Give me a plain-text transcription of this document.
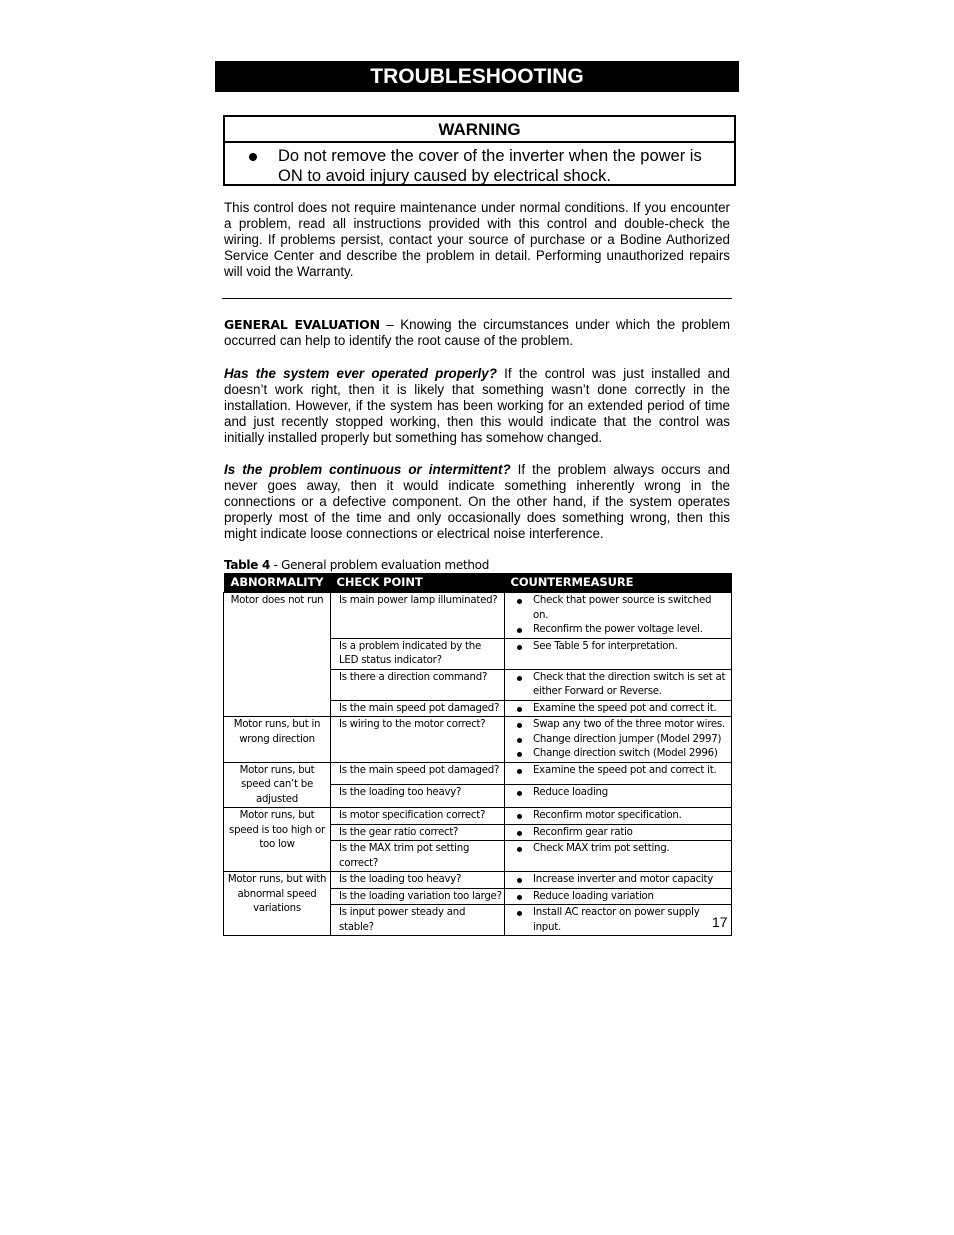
TROUBLESHOOTING
WARNING
Do not remove the cover of the inverter when the power is ON to avoid injury caused by electrical shock.

This control does not require maintenance under normal conditions. If you encounter a problem, read all instructions provided with this control and double-check the wiring. If problems persist, contact your source of purchase or a Bodine Authorized Service Center and describe the problem in detail. Performing unauthorized repairs will void the Warranty.

GENERAL EVALUATION – Knowing the circumstances under which the problem occurred can help to identify the root cause of the problem.

Has the system ever operated properly? If the control was just installed and doesn’t work right, then it is likely that something wasn’t done correctly in the installation. However, if the system has been working for an extended period of time and just recently stopped working, then this would indicate that the control was initially installed properly but something has somehow changed.

Is the problem continuous or intermittent? If the problem always occurs and never goes away, then it would indicate something inherently wrong in the connections or a defective component. On the other hand, if the system operates properly most of the time and only occasionally does something wrong, then this might indicate loose connections or electrical noise interference.

Table 4 - General problem evaluation method
ABNORMALITY	CHECK POINT	COUNTERMEASURE
Motor does not run	Is main power lamp illuminated?	Check that power source is switched on.
Reconfirm the power voltage level.

	Is a problem indicated by the LED status indicator?	See Table 5 for interpretation.

	Is there a direction command?	Check that the direction switch is set at either Forward or Reverse.

	Is the main speed pot damaged?	Examine the speed pot and correct it.

Motor runs, but in wrong direction	Is wiring to the motor correct?	Swap any two of the three motor wires.
Change direction jumper (Model 2997)
Change direction switch (Model 2996)

Motor runs, but speed can’t be adjusted	Is the main speed pot damaged?	Examine the speed pot and correct it.

	Is the loading too heavy?	Reduce loading

Motor runs, but speed is too high or too low	Is motor specification correct?	Reconfirm motor specification.

	Is the gear ratio correct?	Reconfirm gear ratio

	Is the MAX trim pot setting correct?	Check MAX trim pot setting.

Motor runs, but with abnormal speed variations	Is the loading too heavy?	Increase inverter and motor capacity

	Is the loading variation too large?	Reduce loading variation

	Is input power steady and stable?	Install AC reactor on power supply input.	17
